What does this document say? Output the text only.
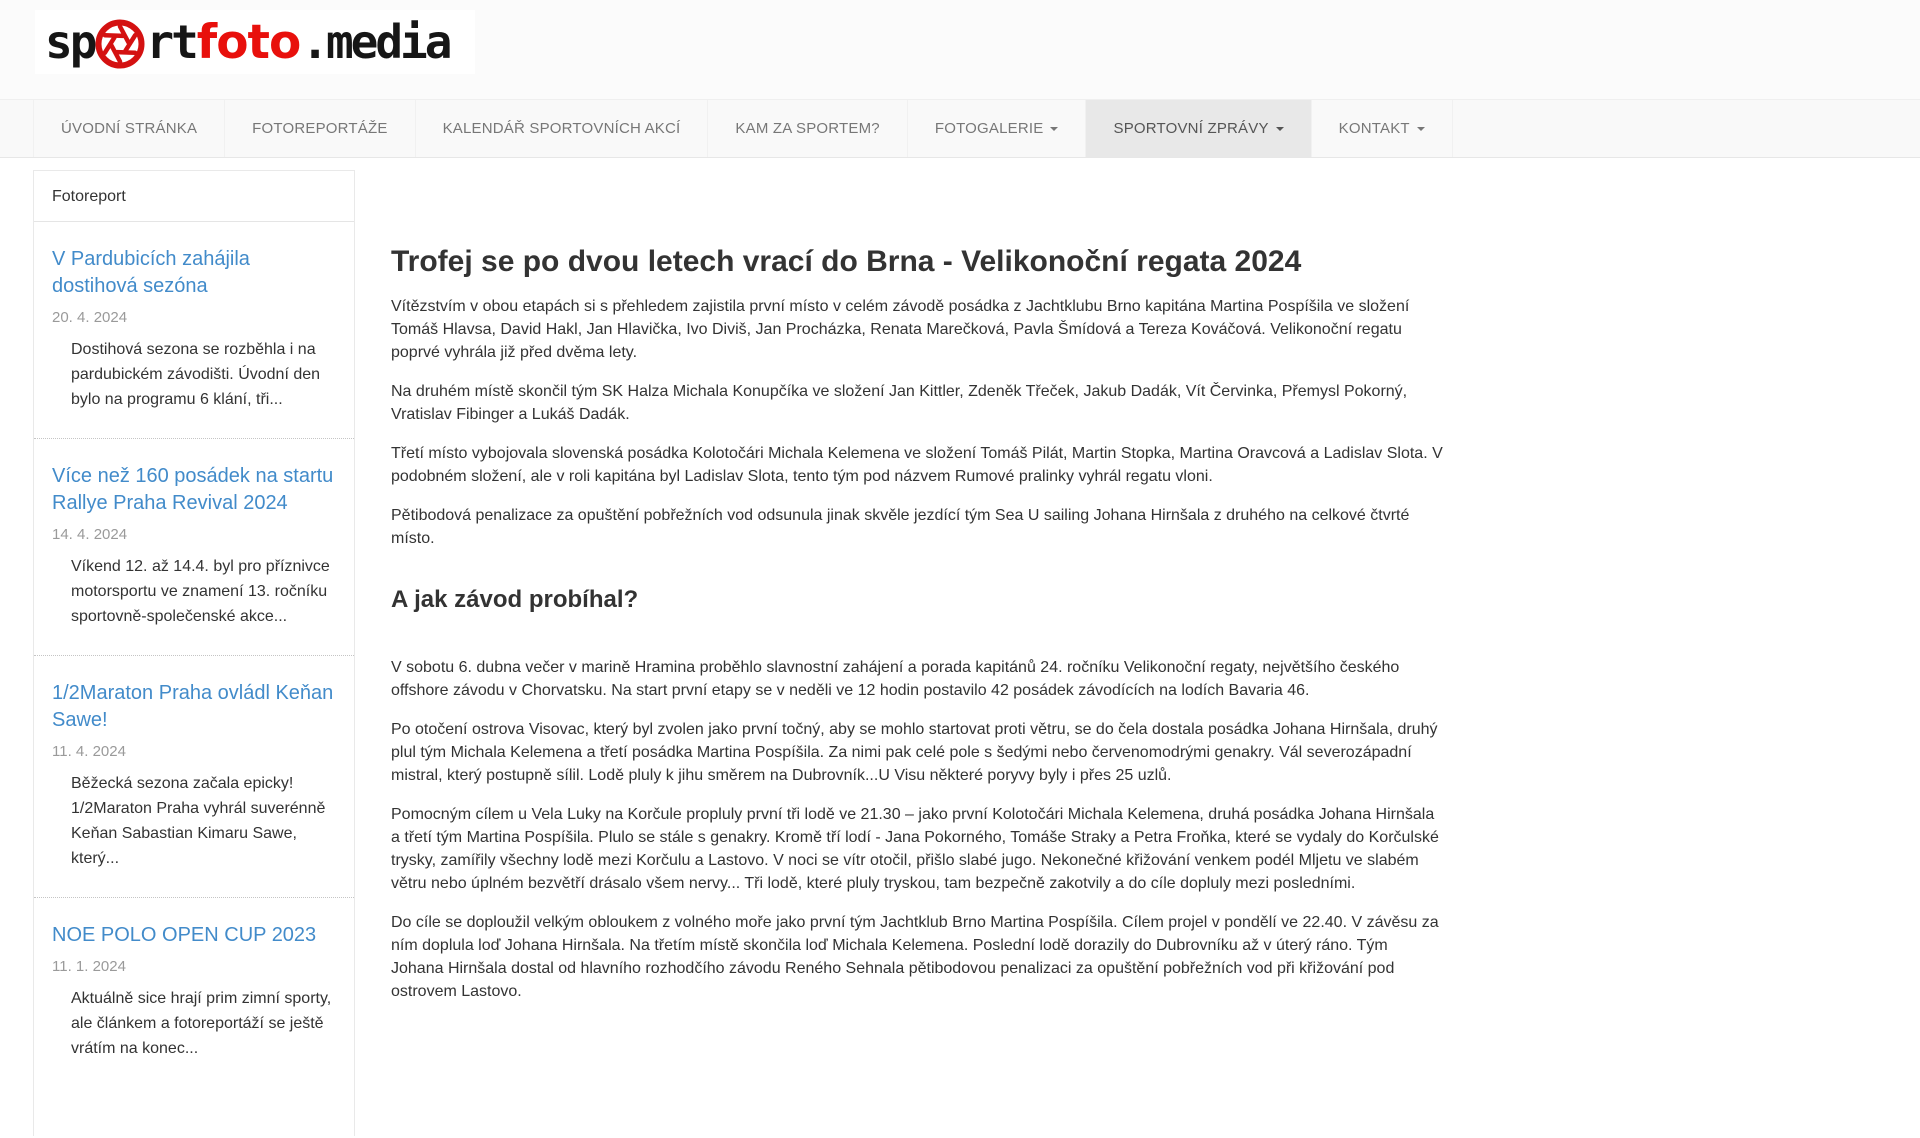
sp rt foto .media
ÚVODNÍ STRÁNKA	FOTOREPORTÁŽE	KALENDÁŘ SPORTOVNÍCH AKCÍ	KAM ZA SPORTEM?	FOTOGALERIE	SPORTOVNÍ ZPRÁVY	KONTAKT
Fotoreport
V Pardubicích zahájila dostihová sezóna
20. 4. 2024
Dostihová sezona se rozběhla i na pardubickém závodišti. Úvodní den bylo na programu 6 klání, tři...
Více než 160 posádek na startu Rallye Praha Revival 2024
14. 4. 2024
Víkend 12. až 14.4. byl pro příznivce motorsportu ve znamení 13. ročníku sportovně-společenské akce...
1/2Maraton Praha ovládl Keňan Sawe!
11. 4. 2024
Běžecká sezona začala epicky! 1/2Maraton Praha vyhrál suverénně Keňan Sabastian Kimaru Sawe, který...
NOE POLO OPEN CUP 2023
11. 1. 2024
Aktuálně sice hrají prim zimní sporty, ale článkem a fotoreportáží se ještě vrátím na konec...
Trofej se po dvou letech vrací do Brna - Velikonoční regata 2024

Vítězstvím v obou etapách si s přehledem zajistila první místo v celém závodě posádka z Jachtklubu Brno kapitána Martina Pospíšila ve složení Tomáš Hlavsa, David Hakl, Jan Hlavička, Ivo Diviš, Jan Procházka, Renata Marečková, Pavla Šmídová a Tereza Kováčová. Velikonoční regatu poprvé vyhrála již před dvěma lety.

Na druhém místě skončil tým SK Halza Michala Konupčíka ve složení Jan Kittler, Zdeněk Třeček, Jakub Dadák, Vít Červinka, Přemysl Pokorný, Vratislav Fibinger a Lukáš Dadák.

Třetí místo vybojovala slovenská posádka Kolotočári Michala Kelemena ve složení Tomáš Pilát, Martin Stopka, Martina Oravcová a Ladislav Slota. V podobném složení, ale v roli kapitána byl Ladislav Slota, tento tým pod názvem Rumové pralinky vyhrál regatu vloni.

Pětibodová penalizace za opuštění pobřežních vod odsunula jinak skvěle jezdící tým Sea U sailing Johana Hirnšala z druhého na celkové čtvrté místo.

A jak závod probíhal?

V sobotu 6. dubna večer v marině Hramina proběhlo slavnostní zahájení a porada kapitánů 24. ročníku Velikonoční regaty, největšího českého offshore závodu v Chorvatsku. Na start první etapy se v neděli ve 12 hodin postavilo 42 posádek závodících na lodích Bavaria 46.

Po otočení ostrova Visovac, který byl zvolen jako první točný, aby se mohlo startovat proti větru, se do čela dostala posádka Johana Hirnšala, druhý plul tým Michala Kelemena a třetí posádka Martina Pospíšila. Za nimi pak celé pole s šedými nebo červenomodrými genakry. Vál severozápadní mistral, který postupně sílil. Lodě pluly k jihu směrem na Dubrovník...U Visu některé poryvy byly i přes 25 uzlů.

Pomocným cílem u Vela Luky na Korčule propluly první tři lodě ve 21.30 – jako první Kolotočári Michala Kelemena, druhá posádka Johana Hirnšala a třetí tým Martina Pospíšila. Plulo se stále s genakry. Kromě tří lodí - Jana Pokorného, Tomáše Straky a Petra Froňka, které se vydaly do Korčulské trysky, zamířily všechny lodě mezi Korčulu a Lastovo. V noci se vítr otočil, přišlo slabé jugo. Nekonečné křižování venkem podél Mljetu ve slabém větru nebo úplném bezvětří drásalo všem nervy... Tři lodě, které pluly tryskou, tam bezpečně zakotvily a do cíle dopluly mezi posledními.

Do cíle se doploužil velkým obloukem z volného moře jako první tým Jachtklub Brno Martina Pospíšila. Cílem projel v pondělí ve 22.40. V závěsu za ním doplula loď Johana Hirnšala. Na třetím místě skončila loď Michala Kelemena. Poslední lodě dorazily do Dubrovníku až v úterý ráno. Tým Johana Hirnšala dostal od hlavního rozhodčího závodu Reného Sehnala pětibodovou penalizaci za opuštění pobřežních vod při křižování pod ostrovem Lastovo.
